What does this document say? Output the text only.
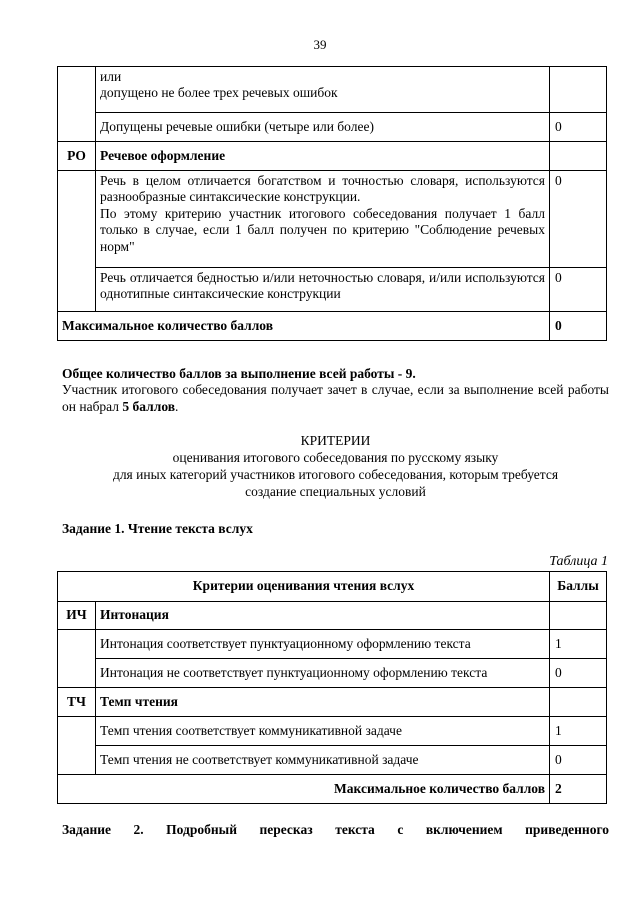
39

	или
допущено не более трех речевых ошибок	

	Допущены речевые ошибки (четыре или более)	0
РО	Речевое оформление	

	Речь в целом отличается богатством и точностью словаря, используются разнообразные синтаксические конструкции.
По этому критерию участник итогового собеседования получает 1 балл только в случае, если 1 балл получен по критерию "Соблюдение речевых норм"	0
	Речь отличается бедностью и/или неточностью словаря, и/или используются однотипные синтаксические конструкции	0
Максимальное количество баллов		0

Общее количество баллов за выполнение всей работы - 9.

Участник итогового собеседования получает зачет в случае, если за выполнение всей работы он набрал 5 баллов.

КРИТЕРИИ
оценивания итогового собеседования по русскому языку
для иных категорий участников итогового собеседования, которым требуется
создание специальных условий
Задание 1. Чтение текста вслух
Таблица 1
Критерии оценивания чтения вслух		Баллы
ИЧ	Интонация	
	Интонация соответствует пунктуационному оформлению текста	1
	Интонация не соответствует пунктуационному оформлению текста	0
ТЧ	Темп чтения	
	Темп чтения соответствует коммуникативной задаче	1
	Темп чтения не соответствует коммуникативной задаче	0
Максимальное количество баллов		2
Задание 2. Подробный пересказ текста с включением приведенного
